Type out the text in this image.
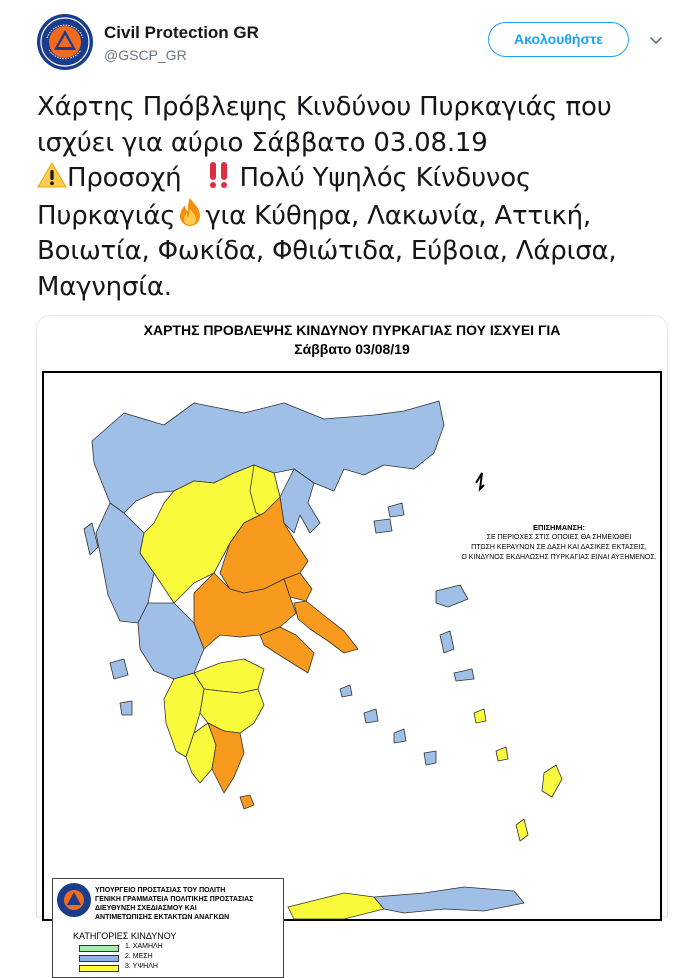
Civil Protection GR
@GSCP_GR
Ακολουθήστε
Χάρτης Πρόβλεψης Κινδύνου Πυρκαγιάς που
ισχύει για αύριο Σάββατο 03.08.19
Προσοχή Πολύ Υψηλός Κίνδυνος
Πυρκαγιάς για Κύθηρα, Λακωνία, Αττική,
Βοιωτία, Φωκίδα, Φθιώτιδα, Εύβοια, Λάρισα,
Μαγνησία.
ΧΑΡΤΗΣ ΠΡΟΒΛΕΨΗΣ ΚΙΝΔΥΝΟΥ ΠΥΡΚΑΓΙΑΣ ΠΟΥ ΙΣΧΥΕΙ ΓΙΑ
Σάββατο 03/08/19
ΕΠΙΣΗΜΑΝΣΗ:
ΣΕ ΠΕΡΙΟΧΕΣ ΣΤΙΣ ΟΠΟΙΕΣ ΘΑ ΣΗΜΕΙΩΘΕΙ
ΠΤΩΣΗ ΚΕΡΑΥΝΩΝ ΣΕ ΔΑΣΗ ΚΑΙ ΔΑΣΙΚΕΣ ΕΚΤΑΣΕΙΣ,
Ο ΚΙΝΔΥΝΟΣ ΕΚΔΗΛΩΣΗΣ ΠΥΡΚΑΓΙΑΣ ΕΙΝΑΙ ΑΥΞΗΜΕΝΟΣ.
ΥΠΟΥΡΓΕΙΟ ΠΡΟΣΤΑΣΙΑΣ ΤΟΥ ΠΟΛΙΤΗ
ΓΕΝΙΚΗ ΓΡΑΜΜΑΤΕΙΑ ΠΟΛΙΤΙΚΗΣ ΠΡΟΣΤΑΣΙΑΣ
ΔΙΕΥΘΥΝΣΗ ΣΧΕΔΙΑΣΜΟΥ ΚΑΙ
ΑΝΤΙΜΕΤΩΠΙΣΗΣ ΕΚΤΑΚΤΩΝ ΑΝΑΓΚΩΝ
ΚΑΤΗΓΟΡΙΕΣ ΚΙΝΔΥΝΟΥ
1. ΧΑΜΗΛΗ
2. ΜΕΣΗ
3. ΥΨΗΛΗ
